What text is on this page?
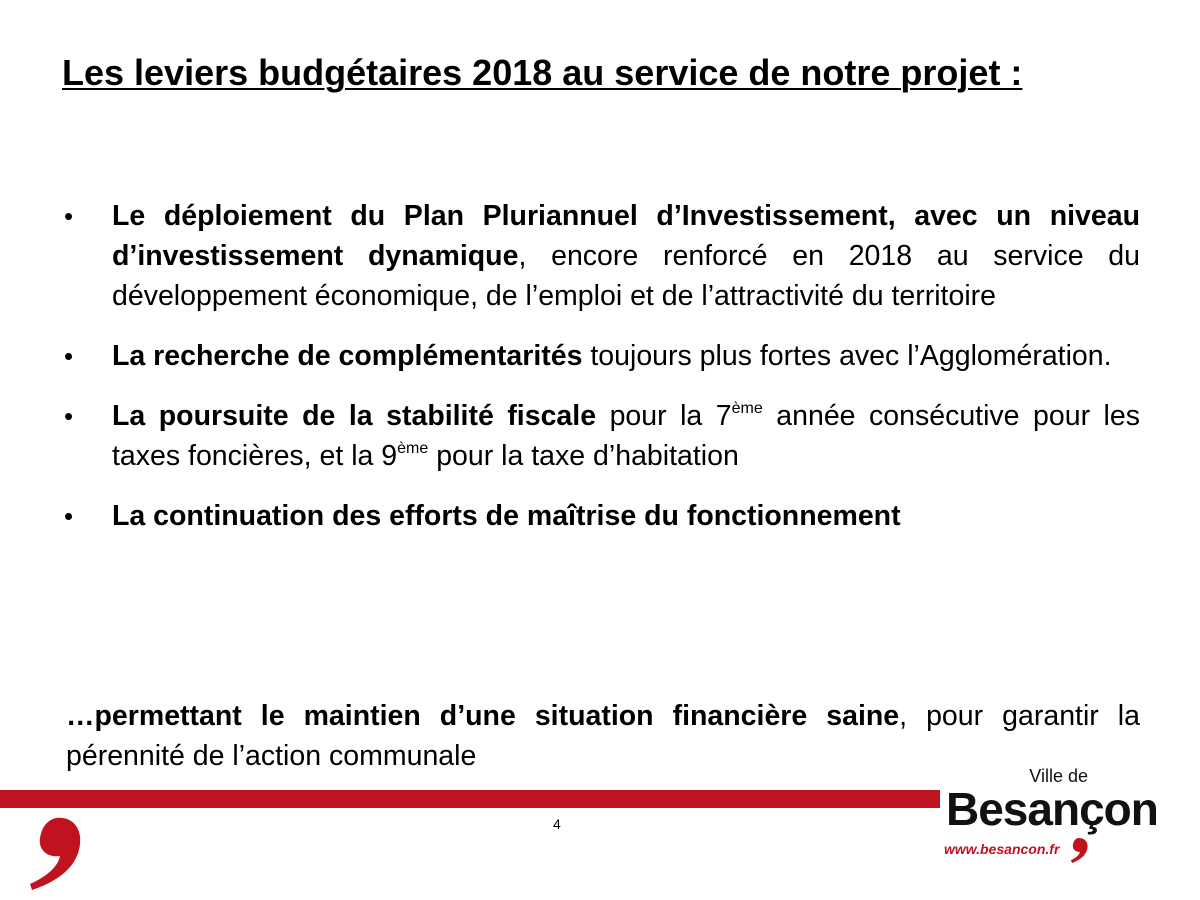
Les leviers budgétaires 2018 au service de notre projet :
• Le déploiement du Plan Pluriannuel d’Investissement, avec un niveau d’investissement dynamique, encore renforcé en 2018 au service du développement économique, de l’emploi et de l’attractivité du territoire
• La recherche de complémentarités toujours plus fortes avec l’Agglomération.
• La poursuite de la stabilité fiscale pour la 7ème année consécutive pour les taxes foncières, et la 9ème pour la taxe d’habitation
• La continuation des efforts de maîtrise du fonctionnement

…permettant le maintien d’une situation financière saine, pour garantir la pérennité de l’action communale

4
Ville de
Besançon
www.besancon.fr
